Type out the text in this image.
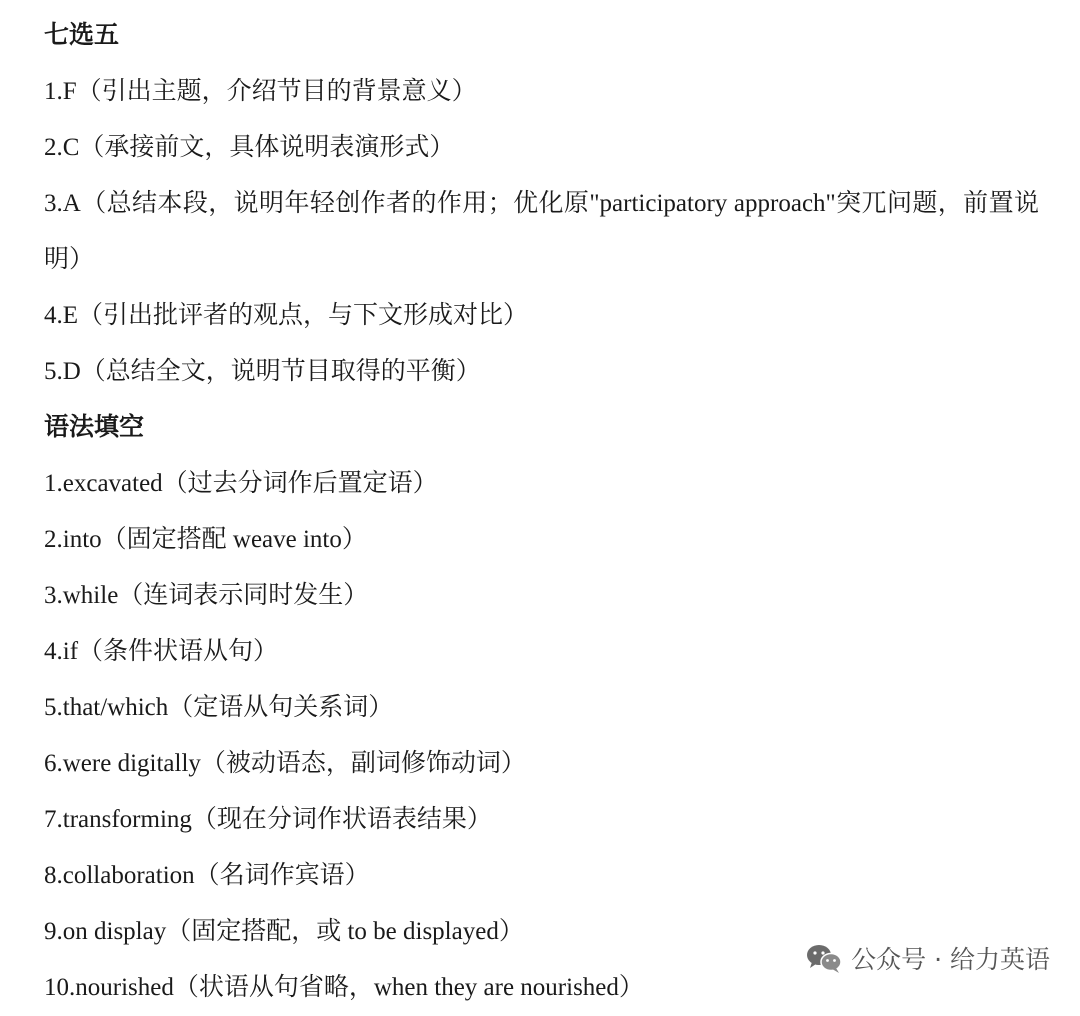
七选五
1.F（引出主题，介绍节目的背景意义）
2.C（承接前文，具体说明表演形式）
3.A（总结本段，说明年轻创作者的作用；优化原"participatory approach"突兀问题，前置说明）
4.E（引出批评者的观点，与下文形成对比）
5.D（总结全文，说明节目取得的平衡）
语法填空
1.excavated（过去分词作后置定语）
2.into（固定搭配 weave into）
3.while（连词表示同时发生）
4.if（条件状语从句）
5.that/which（定语从句关系词）
6.were digitally（被动语态，副词修饰动词）
7.transforming（现在分词作状语表结果）
8.collaboration（名词作宾语）
9.on display（固定搭配，或 to be displayed）
10.nourished（状语从句省略，when they are nourished）
公众号 · 给力英语
